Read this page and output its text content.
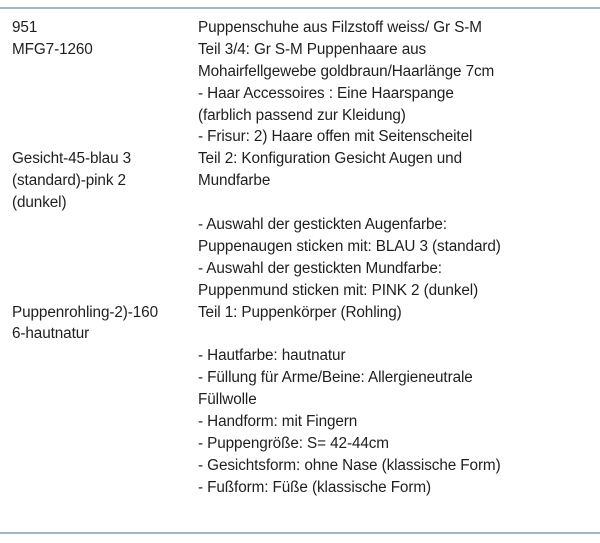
951
MFG7-1260
Puppenschuhe aus Filzstoff weiss/ Gr S-M
Teil 3/4: Gr S-M Puppenhaare aus
Mohairfellgewebe goldbraun/Haarlänge 7cm
- Haar Accessoires : Eine Haarspange
(farblich passend zur Kleidung)
- Frisur: 2) Haare offen mit Seitenscheitel
Gesicht-45-blau 3
(standard)-pink 2
(dunkel)
Teil 2: Konfiguration Gesicht Augen und
Mundfarbe
- Auswahl der gestickten Augenfarbe:
Puppenaugen sticken mit: BLAU 3 (standard)
- Auswahl der gestickten Mundfarbe:
Puppenmund sticken mit: PINK 2 (dunkel)
Puppenrohling-2)-160
6-hautnatur
Teil 1: Puppenkörper (Rohling)
- Hautfarbe: hautnatur
- Füllung für Arme/Beine: Allergieneutrale
Füllwolle
- Handform: mit Fingern
- Puppengröße: S= 42-44cm
- Gesichtsform: ohne Nase (klassische Form)
- Fußform: Füße (klassische Form)
